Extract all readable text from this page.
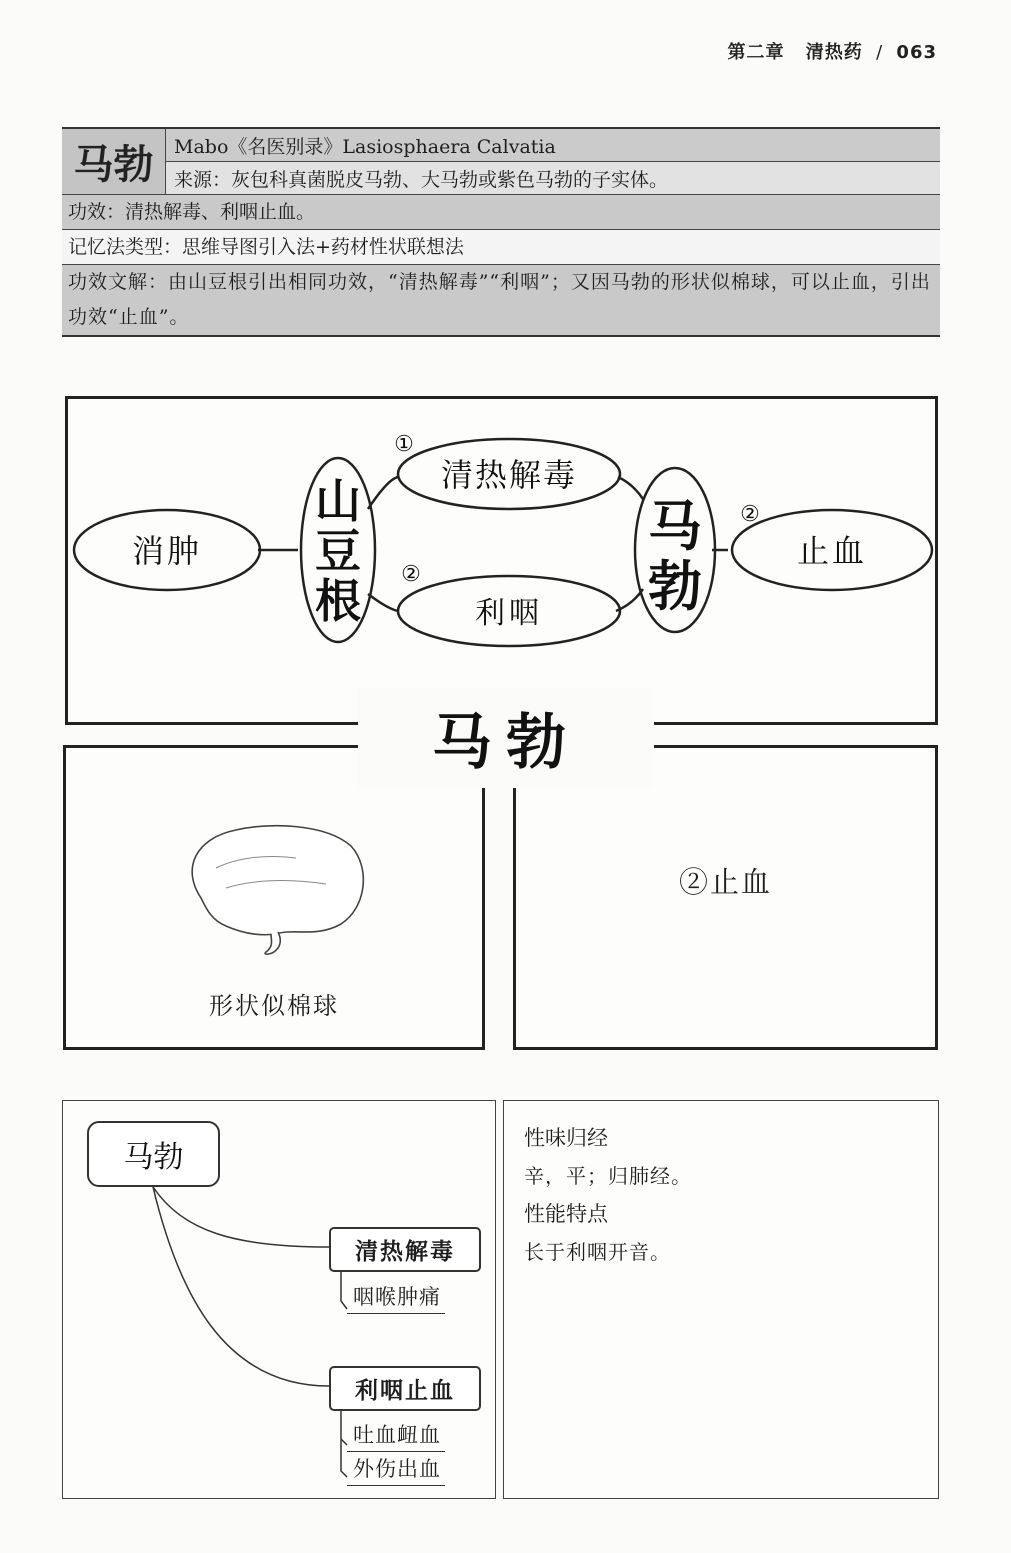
第二章 清热药 / 063
马勃	Mabo《名医别录》Lasiosphaera Calvatia
来源：灰包科真菌脱皮马勃、大马勃或紫色马勃的子实体。
功效：清热解毒、利咽止血。
记忆法类型：思维导图引入法+药材性状联想法
功效文解：由山豆根引出相同功效，“清热解毒”“利咽”；又因马勃的形状似棉球，可以止血，引出功效“止血”。
消肿
清热解毒
利咽
止血
山
豆
根
马
勃
①
②
②
形状似棉球
②止血
马勃
马勃
清热解毒
咽喉肿痛
利咽止血
吐血衄血
外伤出血
性味归经
辛，平；归肺经。
性能特点
长于利咽开音。
